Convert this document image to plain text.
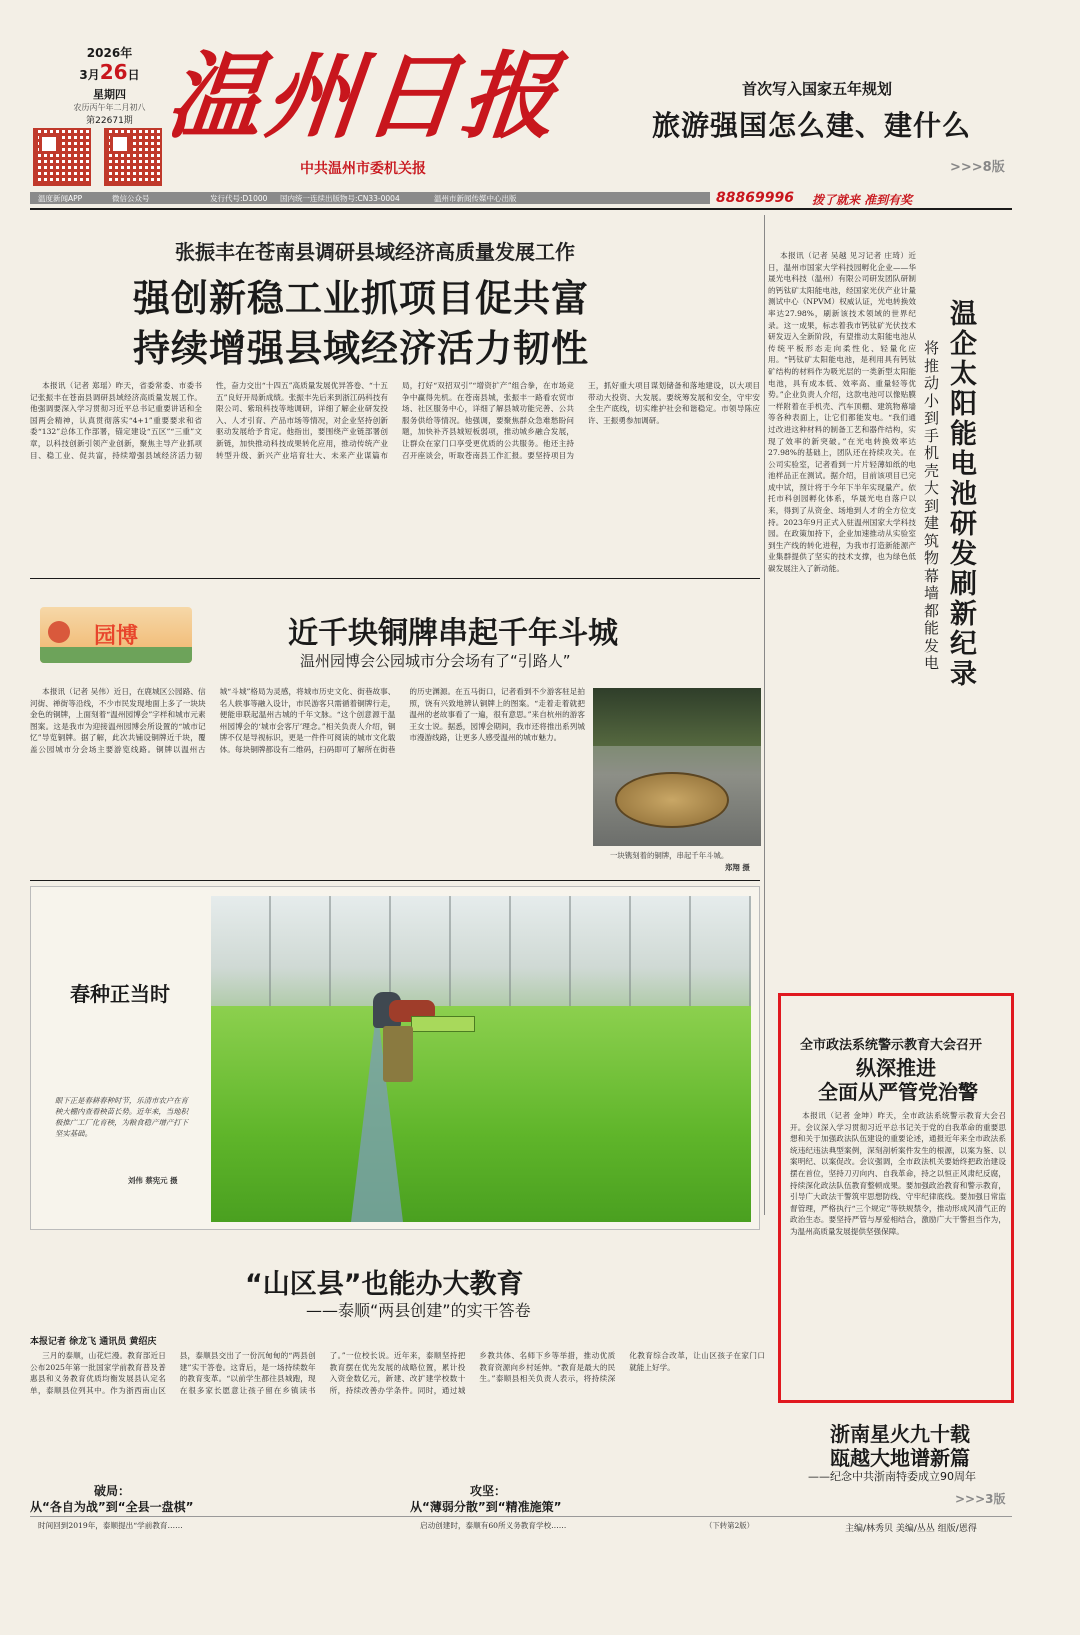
2026年
3月26日
星期四
农历丙午年二月初八
第22671期 温州日报
中共温州市委机关报
首次写入国家五年规划
旅游强国怎么建、建什么
>>>8版
温度新闻APP	微信公众号	发行代号:D1000 国内统一连续出版物号:CN33-0004	温州市新闻传媒中心出版	88869996 拨了就来 准到有奖
张振丰在苍南县调研县域经济高质量发展工作
强创新稳工业抓项目促共富
持续增强县域经济活力韧性

本报讯（记者 郑瑶）昨天，省委常委、市委书记张振丰在苍南县调研县域经济高质量发展工作。他强调要深入学习贯彻习近平总书记重要讲话和全国两会精神，认真贯彻落实“4+1”重要要求和省委“132”总体工作部署，锚定建设“五区”“三重”文章，以科技创新引领产业创新，聚焦主导产业抓项目、稳工业、促共富，持续增强县域经济活力韧性，奋力交出“十四五”高质量发展优异答卷、“十五五”良好开局新成绩。张振丰先后来到浙江码科技有限公司、紫琅科技等地调研，详细了解企业研发投入、人才引育、产品市场等情况，对企业坚持创新驱动发展给予肯定。他指出，要围绕产业链部署创新链，加快推动科技成果转化应用，推动传统产业转型升级、新兴产业培育壮大、未来产业谋篇布局，打好“双招双引”“增资扩产”组合拳，在市场竞争中赢得先机。在苍南县城，张振丰一路看农贸市场、社区服务中心，详细了解县城功能完善、公共服务供给等情况。他强调，要聚焦群众急难愁盼问题，加快补齐县城短板弱项，推动城乡融合发展，让群众在家门口享受更优质的公共服务。他还主持召开座谈会，听取苍南县工作汇报。要坚持项目为王，抓好重大项目谋划储备和落地建设，以大项目带动大投资、大发展。要统筹发展和安全，守牢安全生产底线，切实维护社会和谐稳定。市领导陈应许、王振勇参加调研。

本报讯（记者 吴越 见习记者 庄琦）近日，温州市国家大学科技园孵化企业——华晟光电科技（温州）有限公司研发团队研制的钙钛矿太阳能电池，经国家光伏产业计量测试中心（NPVM）权威认证，光电转换效率达27.98%，刷新该技术领域的世界纪录。这一成果，标志着我市钙钛矿光伏技术研发迈入全新阶段，有望推动太阳能电池从传统平板形态走向柔性化、轻量化应用。“钙钛矿太阳能电池，是利用具有钙钛矿结构的材料作为吸光层的一类新型太阳能电池，具有成本低、效率高、重量轻等优势。”企业负责人介绍，这款电池可以像贴膜一样附着在手机壳、汽车顶棚、建筑物幕墙等各种表面上，让它们都能发电。“我们通过改进这种材料的制备工艺和器件结构，实现了效率的新突破。”在光电转换效率达27.98%的基础上，团队还在持续攻关。在公司实验室，记者看到一片片轻薄如纸的电池样品正在测试。据介绍，目前该项目已完成中试，预计将于今年下半年实现量产。依托市科创园孵化体系，华晟光电自落户以来，得到了从资金、场地到人才的全方位支持。2023年9月正式入驻温州国家大学科技园。在政策加持下，企业加速推动从实验室到生产线的转化进程，为我市打造新能源产业集群提供了坚实的技术支撑，也为绿色低碳发展注入了新动能。

温企太阳能电池研发刷新纪录
将推动小到手机壳大到建筑物幕墙都能发电
园博	近千块铜牌串起千年斗城
温州园博会公园城市分会场有了“引路人”

本报讯（记者 吴伟）近日，在鹿城区公园路、信河街、禅街等沿线，不少市民发现地面上多了一块块金色的铜牌，上面刻着“温州园博会”字样和城市元素图案。这是我市为迎接温州园博会所设置的“城市记忆”导览铜牌。据了解，此次共铺设铜牌近千块，覆盖公园城市分会场主要游览线路。铜牌以温州古城“斗城”格局为灵感，将城市历史文化、街巷故事、名人轶事等融入设计，市民游客只需循着铜牌行走，便能串联起温州古城的千年文脉。“这个创意源于温州园博会的‘城市会客厅’理念。”相关负责人介绍，铜牌不仅是导视标识，更是一件件可阅读的城市文化载体。每块铜牌都设有二维码，扫码即可了解所在街巷的历史渊源。在五马街口，记者看到不少游客驻足拍照，饶有兴致地辨认铜牌上的图案。“走着走着就把温州的老故事看了一遍，很有意思。”来自杭州的游客王女士说。据悉，园博会期间，我市还将推出系列城市漫游线路，让更多人感受温州的城市魅力。

一块镌刻着的铜牌，串起千年斗城。
郑翔 摄
春种正当时
眼下正是春耕春种时节，乐清市农户在育秧大棚内查看秧苗长势。近年来，当地积极推广工厂化育秧，为粮食稳产增产打下坚实基础。
刘伟 蔡宪元 摄
全市政法系统警示教育大会召开
纵深推进
全面从严管党治警

本报讯（记者 金坤）昨天，全市政法系统警示教育大会召开。会议深入学习贯彻习近平总书记关于党的自我革命的重要思想和关于加强政法队伍建设的重要论述，通报近年来全市政法系统违纪违法典型案例，深刻剖析案件发生的根源，以案为鉴、以案明纪、以案促改。会议强调，全市政法机关要始终把政治建设摆在首位，坚持刀刃向内、自我革命，持之以恒正风肃纪反腐，持续深化政法队伍教育整顿成果。要加强政治教育和警示教育，引导广大政法干警筑牢思想防线、守牢纪律底线。要加强日常监督管理，严格执行“三个规定”等铁规禁令，推动形成风清气正的政治生态。要坚持严管与厚爱相结合，激励广大干警担当作为，为温州高质量发展提供坚强保障。

“山区县”也能办大教育
——泰顺“两县创建”的实干答卷
本报记者 徐龙飞 通讯员 黄绍庆

三月的泰顺，山花烂漫。教育部近日公布2025年第一批国家学前教育普及普惠县和义务教育优质均衡发展县认定名单，泰顺县位列其中。作为浙西南山区县，泰顺县交出了一份沉甸甸的“两县创建”实干答卷。这背后，是一场持续数年的教育变革。“以前学生都往县城跑，现在很多家长愿意让孩子留在乡镇读书了。”一位校长说。近年来，泰顺坚持把教育摆在优先发展的战略位置，累计投入资金数亿元，新建、改扩建学校数十所，持续改善办学条件。同时，通过城乡教共体、名师下乡等举措，推动优质教育资源向乡村延伸。“教育是最大的民生。”泰顺县相关负责人表示，将持续深化教育综合改革，让山区孩子在家门口就能上好学。

破局：
从“各自为战”到“全县一盘棋”
攻坚：
从“薄弱分散”到“精准施策”
时间回到2019年，泰顺提出“学前教育……	启动创建时，泰顺有60所义务教育学校……	（下转第2版）
浙南星火九十载
瓯越大地谱新篇
——纪念中共浙南特委成立90周年
>>>3版
主编/林秀贝 美编/丛丛 组版/恩得
